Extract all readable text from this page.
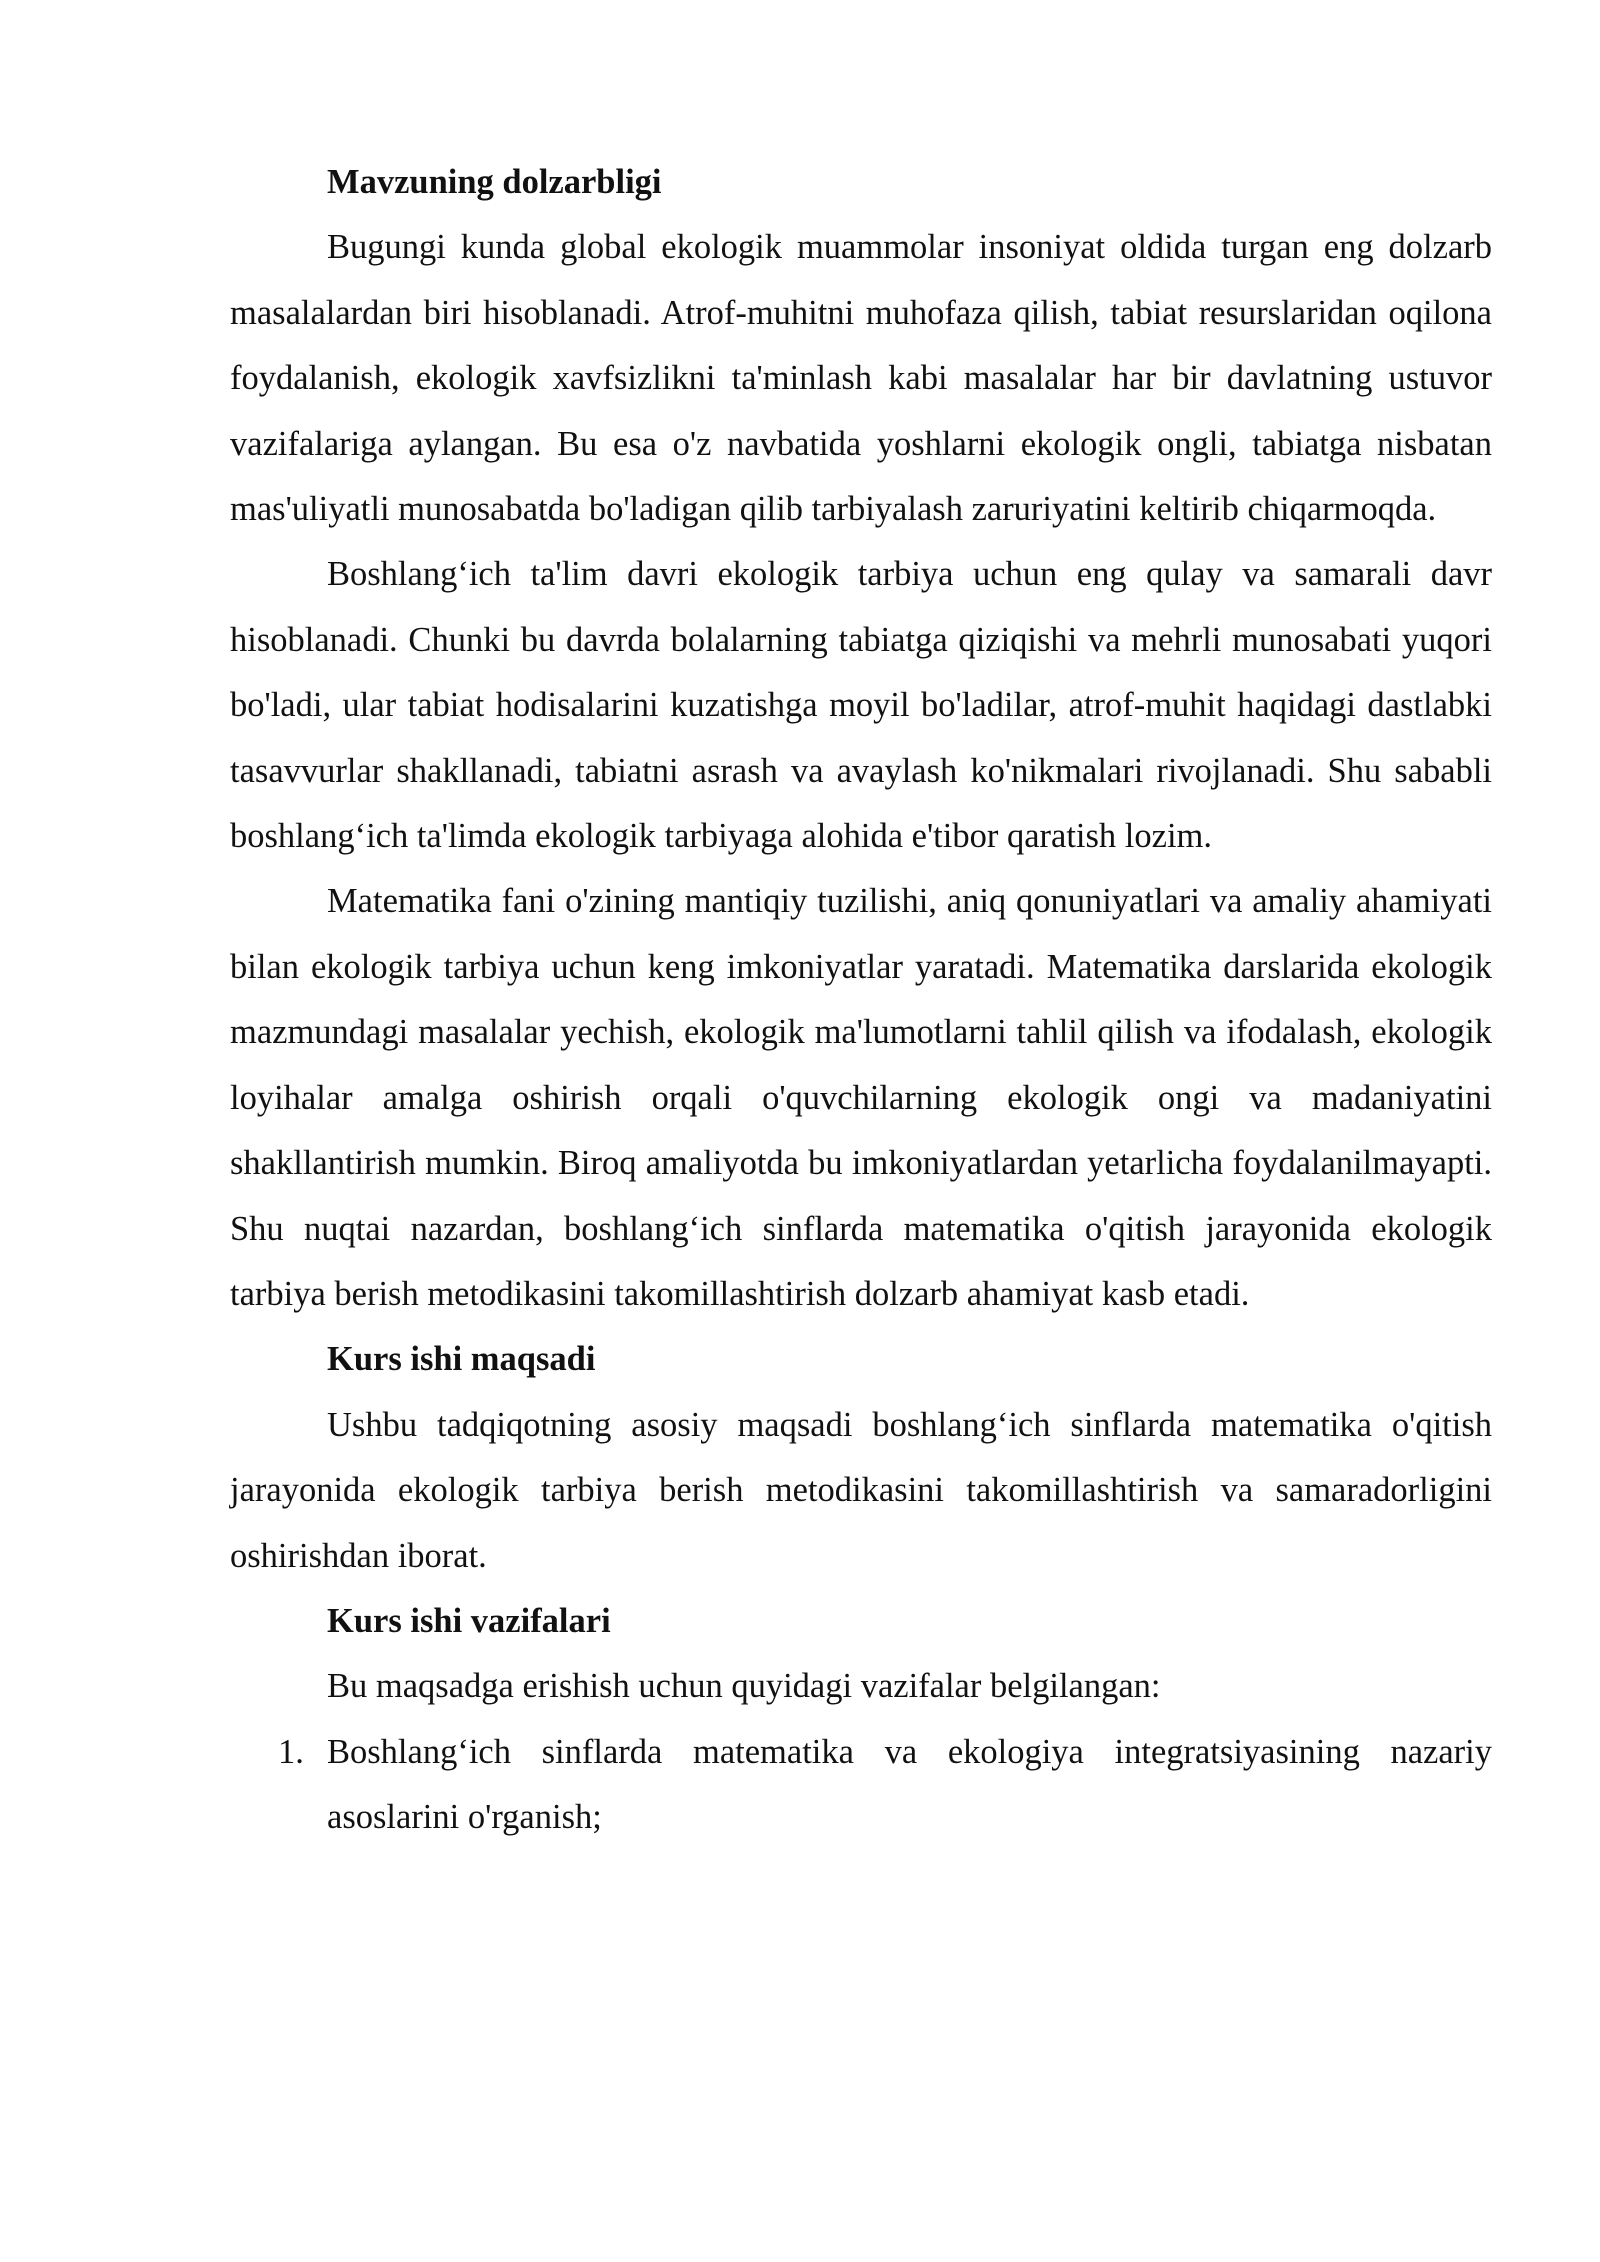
Mavzuning dolzarbligi

Bugungi kunda global ekologik muammolar insoniyat oldida turgan eng dolzarb masalalardan biri hisoblanadi. Atrof-muhitni muhofaza qilish, tabiat resurslaridan oqilona foydalanish, ekologik xavfsizlikni ta'minlash kabi masalalar har bir davlatning ustuvor vazifalariga aylangan. Bu esa o'z navbatida yoshlarni ekologik ongli, tabiatga nisbatan mas'uliyatli munosabatda bo'ladigan qilib tarbiyalash zaruriyatini keltirib chiqarmoqda.

Boshlang‘ich ta'lim davri ekologik tarbiya uchun eng qulay va samarali davr hisoblanadi. Chunki bu davrda bolalarning tabiatga qiziqishi va mehrli munosabati yuqori bo'ladi, ular tabiat hodisalarini kuzatishga moyil bo'ladilar, atrof-muhit haqidagi dastlabki tasavvurlar shakllanadi, tabiatni asrash va avaylash ko'nikmalari rivojlanadi. Shu sababli boshlang‘ich ta'limda ekologik tarbiyaga alohida e'tibor qaratish lozim.

Matematika fani o'zining mantiqiy tuzilishi, aniq qonuniyatlari va amaliy ahamiyati bilan ekologik tarbiya uchun keng imkoniyatlar yaratadi. Matematika darslarida ekologik mazmundagi masalalar yechish, ekologik ma'lumotlarni tahlil qilish va ifodalash, ekologik loyihalar amalga oshirish orqali o'quvchilarning ekologik ongi va madaniyatini shakllantirish mumkin. Biroq amaliyotda bu imkoniyatlardan yetarlicha foydalanilmayapti. Shu nuqtai nazardan, boshlang‘ich sinflarda matematika o'qitish jarayonida ekologik tarbiya berish metodikasini takomillashtirish dolzarb ahamiyat kasb etadi.

Kurs ishi maqsadi

Ushbu tadqiqotning asosiy maqsadi boshlang‘ich sinflarda matematika o'qitish jarayonida ekologik tarbiya berish metodikasini takomillashtirish va samaradorligini oshirishdan iborat.

Kurs ishi vazifalari

Bu maqsadga erishish uchun quyidagi vazifalar belgilangan:

1. Boshlang‘ich sinflarda matematika va ekologiya integratsiyasining nazariy asoslarini o'rganish;
